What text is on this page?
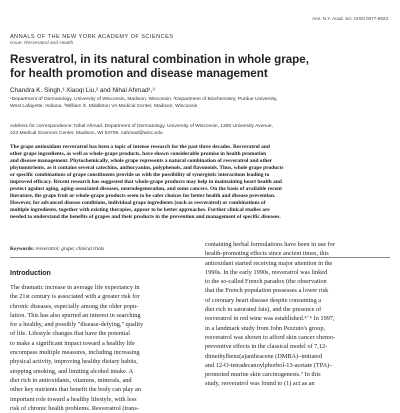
Ann. N.Y. Acad. Sci. ISSN 0077-8923
ANNALS OF THE NEW YORK ACADEMY OF SCIENCES
Issue: Resveratrol and Health
Resveratrol, in its natural combination in whole grape,
for health promotion and disease management
Chandra K. Singh,¹ Xiaoqi Liu,² and Nihal Ahmad¹,³
¹Department of Dermatology, University of Wisconsin, Madison, Wisconsin. ²Department of Biochemistry, Purdue University,
West Lafayette, Indiana. ³William S. Middleton VA Medical Center, Madison, Wisconsin
Address for correspondence: Nihal Ahmad, Department of Dermatology, University of Wisconsin, 1300 University Avenue,
423 Medical Sciences Center, Madison, WI 53706. nahmad@wisc.edu
The grape antioxidant resveratrol has been a topic of intense research for the past three decades. Resveratrol and
other grape ingredients, as well as whole-grape products, have shown considerable promise in health promotion
and disease management. Phytochemically, whole grape represents a natural combination of resveratrol and other
phytonutrients, as it contains several catechins, anthocyanins, polyphenols, and flavonoids. Thus, whole grape products
or specific combinations of grape constituents provide us with the possibility of synergistic interactions leading to
improved efficacy. Recent research has suggested that whole-grape products may help in maintaining heart health and
protect against aging, aging-associated diseases, neurodegeneration, and some cancers. On the basis of available recent
literature, the grape fruit or whole-grape products seem to be safer choices for better health and disease prevention.
However, for advanced disease conditions, individual grape ingredients (such as resveratrol) or combinations of
multiple ingredients, together with existing therapies, appear to be better approaches. Further clinical studies are
needed to understand the benefits of grapes and their products in the prevention and management of specific diseases.
Keywords: resveratrol; grape; clinical trials
Introduction
The dramatic increase in average life expectancy in
the 21st century is associated with a greater risk for
chronic diseases, especially among the older popu-
lation. This has also spurred an interest in searching
for a healthy, and possibly "disease-defying," quality
of life. Lifestyle changes that have the potential
to make a significant impact toward a healthy life
encompass multiple measures, including increasing
physical activity, improving healthy dietary habits,
stopping smoking, and limiting alcohol intake. A
diet rich in antioxidants, vitamins, minerals, and
other key nutrients that benefit the body can play an
important role toward a healthy lifestyle, with less
risk of chronic health problems. Resveratrol (trans-
containing herbal formulations have been in use for
health-promoting effects since ancient times, this
antioxidant started receiving major attention in the
1990s. In the early 1990s, resveratrol was linked
to the so-called French paradox (the observation
that the French population possesses a lower risk
of coronary heart disease despite consuming a
diet rich in saturated fats), and the presence of
resveratrol in red wine was established.⁴⁻⁶ In 1997,
in a landmark study from John Pezzuto's group,
resveratrol was shown to afford skin cancer chemo-
preventive effects in the classical model of 7,12-
dimethylbenz(a)anthracene (DMBA)–initiated
and 12-O-tetradecanoylphorbol-13-acetate (TPA)–
promoted murine skin carcinogenesis.⁷ In this
study, resveratrol was found to (1) act as an
